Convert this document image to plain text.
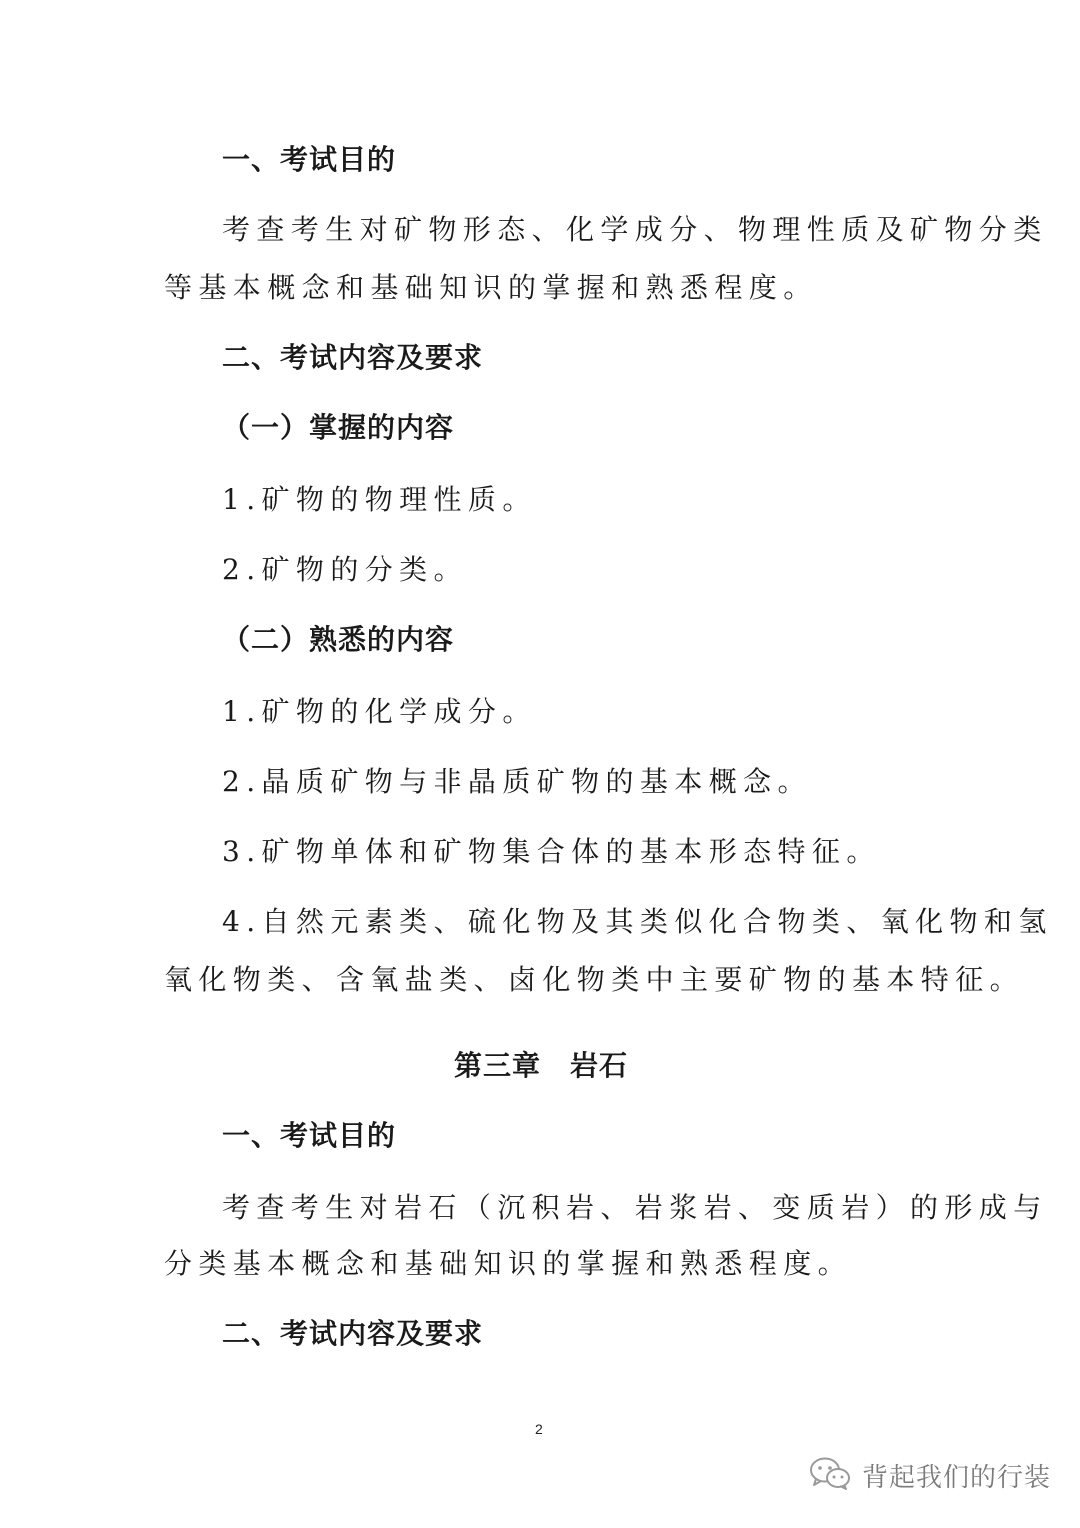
一、考试目的
考查考生对矿物形态、化学成分、物理性质及矿物分类
等基本概念和基础知识的掌握和熟悉程度。
二、考试内容及要求
（一）掌握的内容
1.矿物的物理性质。
2.矿物的分类。
（二）熟悉的内容
1.矿物的化学成分。
2.晶质矿物与非晶质矿物的基本概念。
3.矿物单体和矿物集合体的基本形态特征。
4.自然元素类、硫化物及其类似化合物类、氧化物和氢
氧化物类、含氧盐类、卤化物类中主要矿物的基本特征。
第三章　岩石
一、考试目的
考查考生对岩石（沉积岩、岩浆岩、变质岩）的形成与
分类基本概念和基础知识的掌握和熟悉程度。
二、考试内容及要求
2
背起我们的行装
